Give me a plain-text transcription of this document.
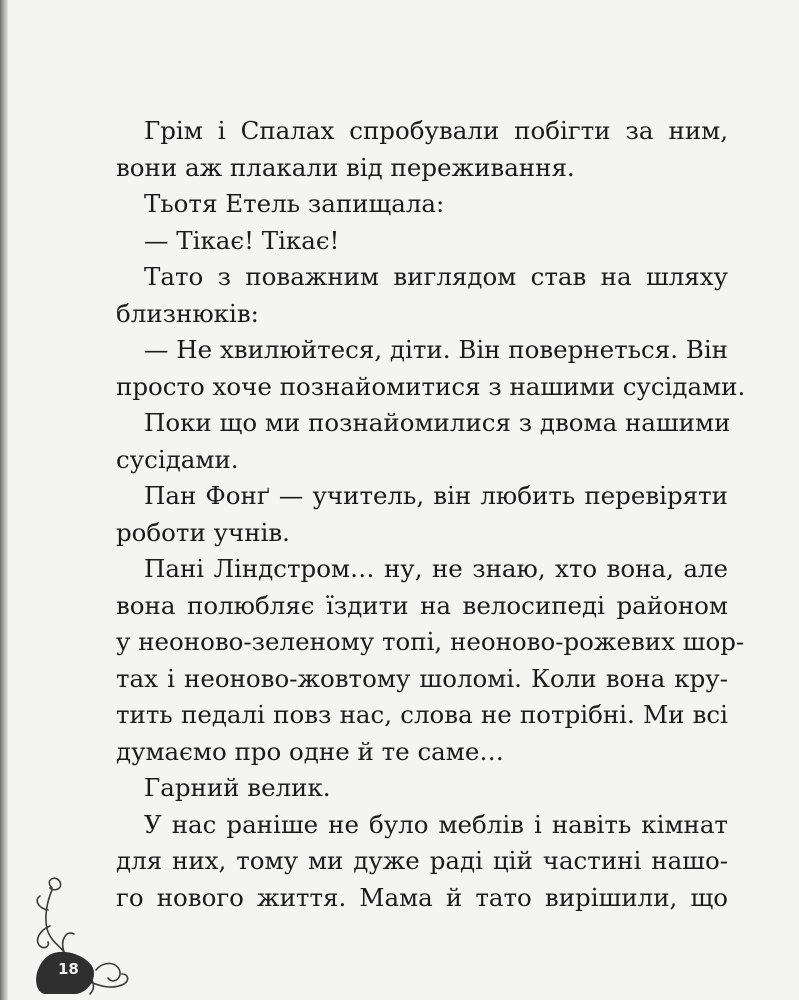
Грім і Спалах спробували побігти за ним,
вони аж плакали від переживання.
Тьотя Етель запищала:
— Тікає! Тікає!
Тато з поважним виглядом став на шляху
близнюків:
— Не хвилюйтеся, діти. Він повернеться. Він
просто хоче познайомитися з нашими сусідами.
Поки що ми познайомилися з двома нашими
сусідами.
Пан Фонґ — учитель, він любить перевіряти
роботи учнів.
Пані Ліндстром… ну, не знаю, хто вона, але
вона полюбляє їздити на велосипеді районом
у неоново-зеленому топі, неоново-рожевих шор-
тах і неоново-жовтому шоломі. Коли вона кру-
тить педалі повз нас, слова не потрібні. Ми всі
думаємо про одне й те саме…
Гарний велик.
У нас раніше не було меблів і навіть кімнат
для них, тому ми дуже раді цій частині нашо-
го нового життя. Мама й тато вирішили, що
18
